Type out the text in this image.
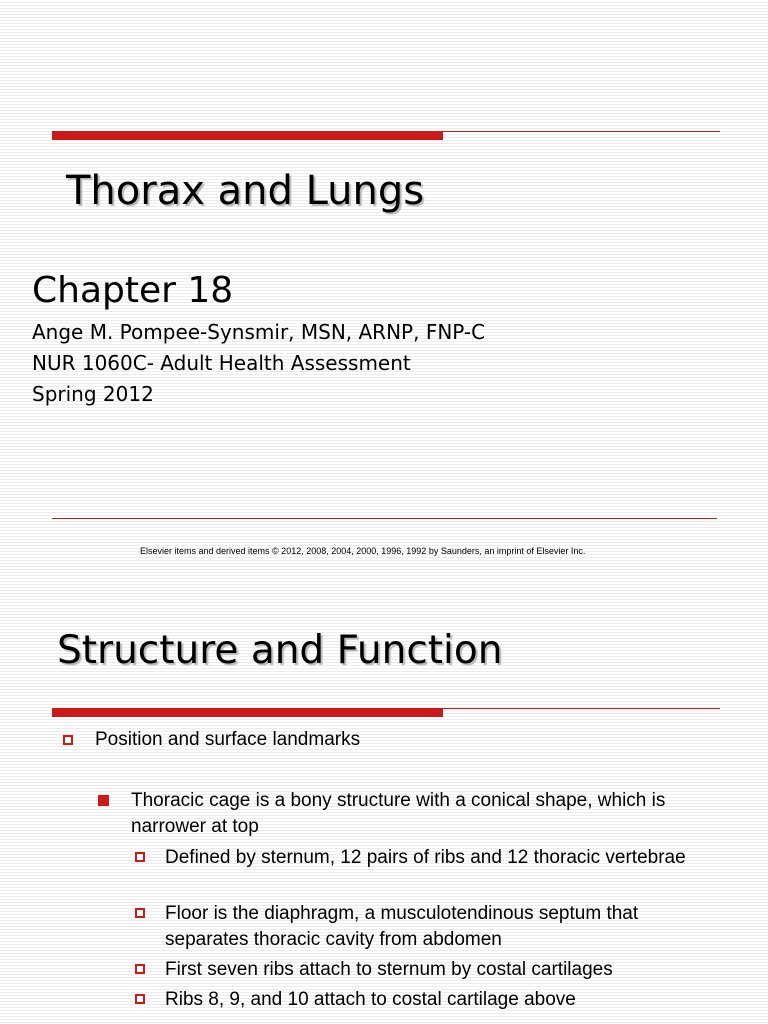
Thorax and Lungs
Chapter 18
Ange M. Pompee-Synsmir, MSN, ARNP, FNP-C
NUR 1060C- Adult Health Assessment
Spring 2012
Elsevier items and derived items © 2012, 2008, 2004, 2000, 1996, 1992 by Saunders, an imprint of Elsevier Inc.
Structure and Function
Position and surface landmarks
Thoracic cage is a bony structure with a conical shape, which is narrower at top
Defined by sternum, 12 pairs of ribs and 12 thoracic vertebrae
Floor is the diaphragm, a musculotendinous septum that separates thoracic cavity from abdomen
First seven ribs attach to sternum by costal cartilages
Ribs 8, 9, and 10 attach to costal cartilage above
